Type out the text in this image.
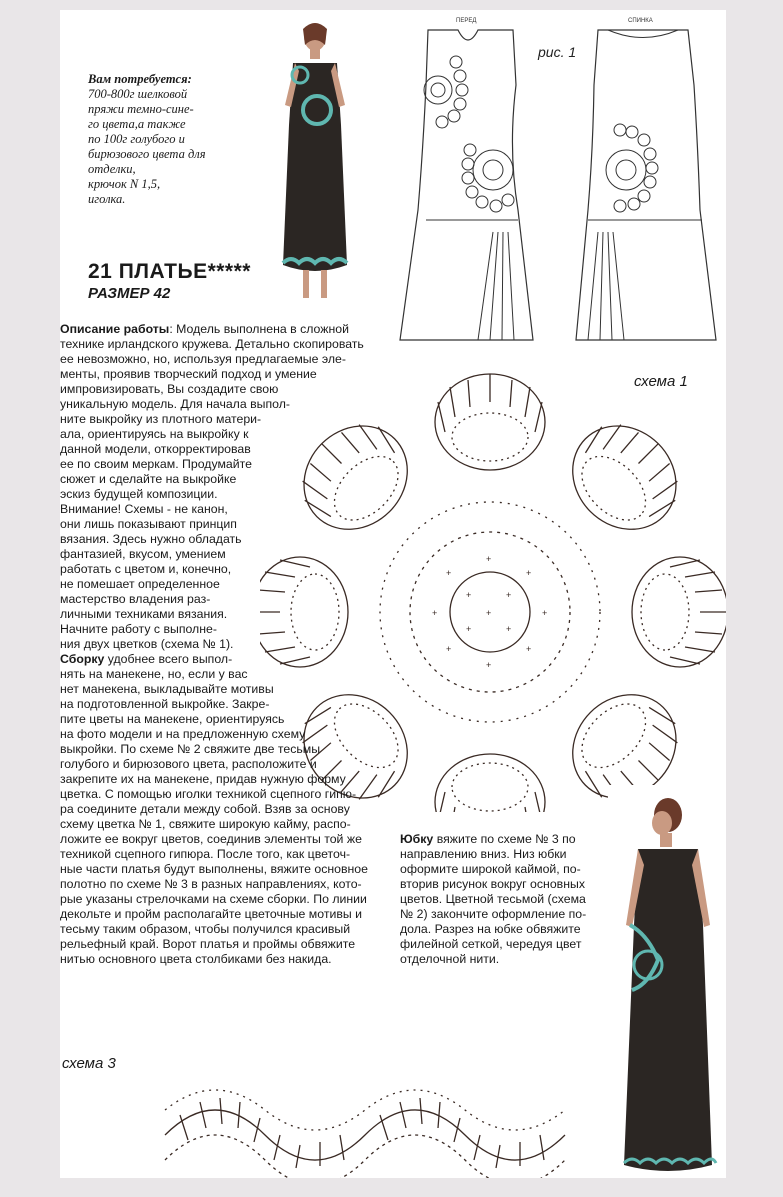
Вам потребуется:
700-800г шелковой
пряжи темно-сине-
го цвета,а также
по 100г голубого и
бирюзового цвета для
отделки,
крючок N 1,5,
иголка.
21 ПЛАТЬЕ*****
РАЗМЕР 42
ПЕРЕД	СПИНКА
рис. 1
схема 1
+
+	+
+	+
+	+
+	+
+
+
+	+
Описание работы: Модель выполнена в сложной
технике ирландского кружева. Детально скопировать
ее невозможно, но, используя предлагаемые эле-
менты, проявив творческий подход и умение
импровизировать, Вы создадите свою
уникальную модель. Для начала выпол-
ните выкройку из плотного матери-
ала, ориентируясь на выкройку к
данной модели, откорректировав
ее по своим меркам. Продумайте
сюжет и сделайте на выкройке
эскиз будущей композиции.
Внимание! Схемы - не канон,
они лишь показывают принцип
вязания. Здесь нужно обладать
фантазией, вкусом, умением
работать с цветом и, конечно,
не помешает определенное
мастерство владения раз-
личными техниками вязания.
Начните работу с выполне-
ния двух цветков (схема № 1).
Сборку удобнее всего выпол-
нять на манекене, но, если у вас
нет манекена, выкладывайте мотивы
на подготовленной выкройке. Закре-
пите цветы на манекене, ориентируясь
на фото модели и на предложенную схему
выкройки. По схеме № 2 свяжите две тесьмы
голубого и бирюзового цвета, расположите и
закрепите их на манекене, придав нужную форму
цветка. С помощью иголки техникой сцепного гипю-
ра соедините детали между собой. Взяв за основу
схему цветка № 1, свяжите широкую кайму, распо-
ложите ее вокруг цветов, соединив элементы той же
техникой сцепного гипюра. После того, как цветоч-
ные части платья будут выполнены, вяжите основное
полотно по схеме № 3 в разных направлениях, кото-
рые указаны стрелочками на схеме сборки. По линии
декольте и пройм располагайте цветочные мотивы и
тесьму таким образом, чтобы получился красивый
рельефный край. Ворот платья и проймы обвяжите
нитью основного цвета столбиками без накида.
Юбку вяжите по схеме № 3 по
направлению вниз. Низ юбки
оформите широкой каймой, по-
вторив рисунок вокруг основных
цветов. Цветной тесьмой (схема
№ 2) закончите оформление по-
дола. Разрез на юбке обвяжите
филейной сеткой, чередуя цвет
отделочной нити.
схема 3
